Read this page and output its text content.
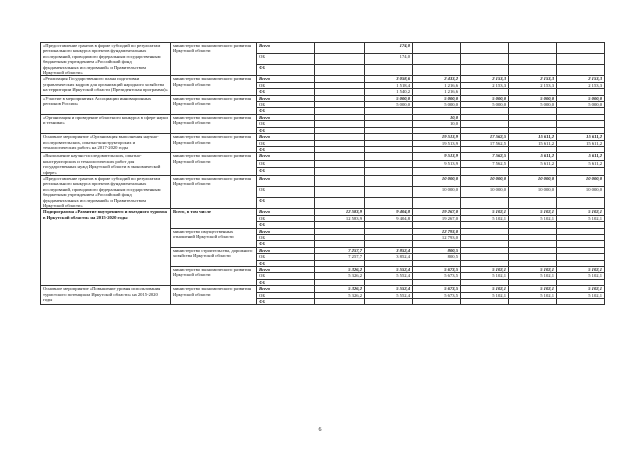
«Предоставление грантов в форме субсидий по результатам регионального конкурса проектов фундаментальных исследований, проводимого федеральным государственным бюджетным учреждением «Российский фонд фундаментальных исследований» и Правительством Иркутской области»	министерство экономического развития Иркутской области	Всего		174,0				
		ОБ		174,0				
		ФБ						
«Реализация Государственного плана подготовки управленческих кадров для организаций народного хозяйства на территории Иркутской области (Президентская программа)»	министерство экономического развития Иркутской области	Всего		3 058,6	2 433,2	2 153,3	2 153,3	2 153,3
		ОБ		1 518,4	1 216,6	2 153,3	2 153,3	2 153,3
		ФБ		1 540,2	1 216,6			
«Участие в мероприятиях Ассоциации инновационных регионов России»	министерство экономического развития Иркутской области	Всего		5 000,0	5 000,0	5 000,0	5 000,0	5 000,0
		ОБ		5 000,0	5 000,0	5 000,0	5 000,0	5 000,0
		ФБ						
«Организация и проведение областного конкурса в сфере науки и техники»	министерство экономического развития Иркутской области	Всего			10,0			
		ОБ			10,0			
		ФБ						
Основное мероприятие «Организация выполнения научно-исследовательских, опытно-конструкторских и технологических работ» на 2017-2020 годы	министерство экономического развития Иркутской области	Всего			19 513,9	17 562,5	15 611,2	15 611,2
		ОБ			19 513,9	17 562,5	15 611,2	15 611,2
		ФБ						
«Выполнение научно-исследовательских, опытно-конструкторских и технологических работ для государственных нужд Иркутской области в экономической сфере»	министерство экономического развития Иркутской области	Всего			9 513,9	7 562,5	5 611,2	5 611,2
		ОБ			9 513,9	7 562,5	5 611,2	5 611,2
		ФБ						
«Предоставление грантов в форме субсидий по результатам регионального конкурса проектов фундаментальных исследований, проводимого федеральным государственным бюджетным учреждением «Российский фонд фундаментальных исследований» и Правительством Иркутской области»	министерство экономического развития Иркутской области	Всего			10 000,0	10 000,0	10 000,0	10 000,0
		ОБ			10 000,0	10 000,0	10 000,0	10 000,0
		ФБ						
Подпрограмма «Развитие внутреннего и въездного туризма в Иркутской области» на 2015-2020 годы	Всего, в том числе	Всего	12 583,9	9 404,8	19 267,0	5 102,1	5 102,1	5 102,1
		ОБ	12 583,9	9 404,8	19 267,0	5 102,1	5 102,1	5 102,1
		ФБ						
	министерство имущественных отношений Иркутской области	Всего			12 793,0			
		ОБ			12 793,0			
		ФБ						
	министерство строительства, дорожного хозяйства Иркутской области	Всего	7 257,7	3 852,4	800,5			
		ОБ	7 257,7	3 852,4	800,5			
		ФБ						
	министерство экономического развития Иркутской области	Всего	5 326,2	5 552,4	5 673,5	5 102,1	5 102,1	5 102,1
		ОБ	5 326,2	5 552,4	5 673,5	5 102,1	5 102,1	5 102,1
		ФБ						
Основное мероприятие «Повышение уровня использования туристского потенциала Иркутской области» на 2015-2020 годы	министерство экономического развития Иркутской области	Всего	5 326,2	5 552,4	5 673,5	5 102,1	5 102,1	5 102,1
		ОБ	5 326,2	5 552,4	5 673,5	5 102,1	5 102,1	5 102,1
		ФБ						
6
